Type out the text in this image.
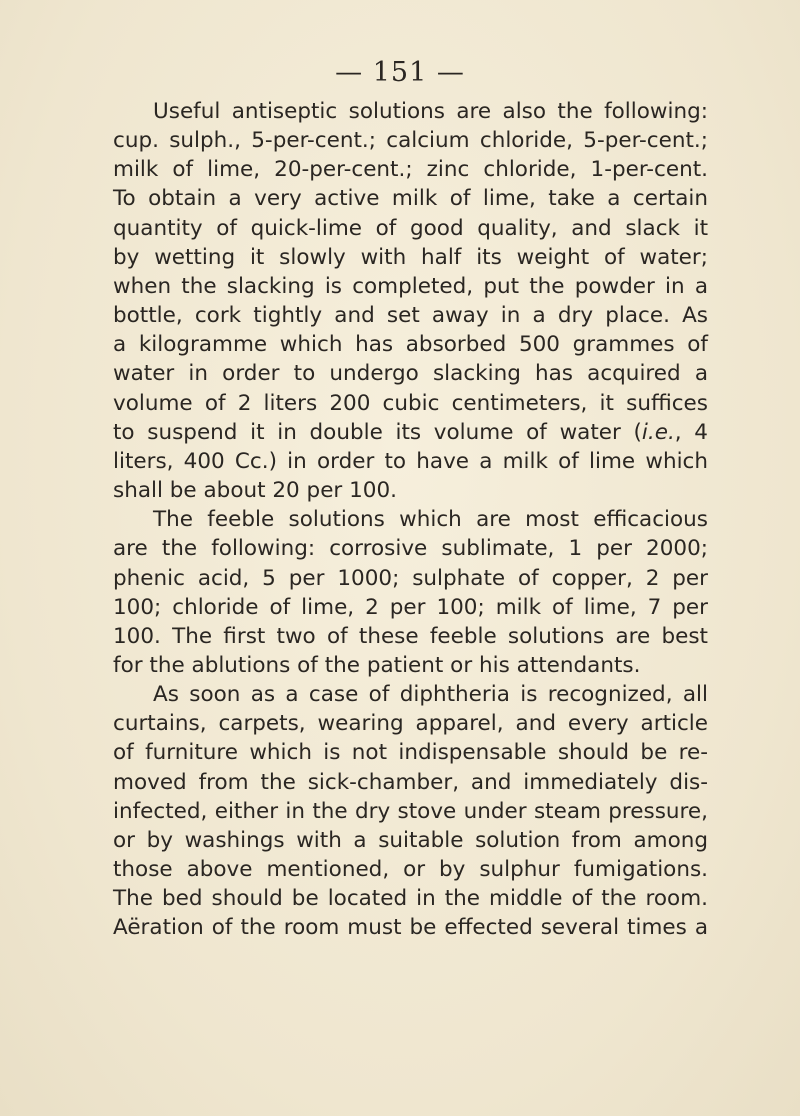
— 151 —

Useful antiseptic solutions are also the following:

cup. sulph., 5-per-cent.; calcium chloride, 5-per-cent.;

milk of lime, 20-per-cent.; zinc chloride, 1-per-cent.

To obtain a very active milk of lime, take a certain

quantity of quick-lime of good quality, and slack it

by wetting it slowly with half its weight of water;

when the slacking is completed, put the powder in a

bottle, cork tightly and set away in a dry place. As

a kilogramme which has absorbed 500 grammes of

water in order to undergo slacking has acquired a

volume of 2 liters 200 cubic centimeters, it suffices

to suspend it in double its volume of water (i.e., 4

liters, 400 Cc.) in order to have a milk of lime which

shall be about 20 per 100.

The feeble solutions which are most efficacious

are the following: corrosive sublimate, 1 per 2000;

phenic acid, 5 per 1000; sulphate of copper, 2 per

100; chloride of lime, 2 per 100; milk of lime, 7 per

100. The first two of these feeble solutions are best

for the ablutions of the patient or his attendants.

As soon as a case of diphtheria is recognized, all

curtains, carpets, wearing apparel, and every article

of furniture which is not indispensable should be re-

moved from the sick-chamber, and immediately dis-

infected, either in the dry stove under steam pressure,

or by washings with a suitable solution from among

those above mentioned, or by sulphur fumigations.

The bed should be located in the middle of the room.

Aëration of the room must be effected several times a
